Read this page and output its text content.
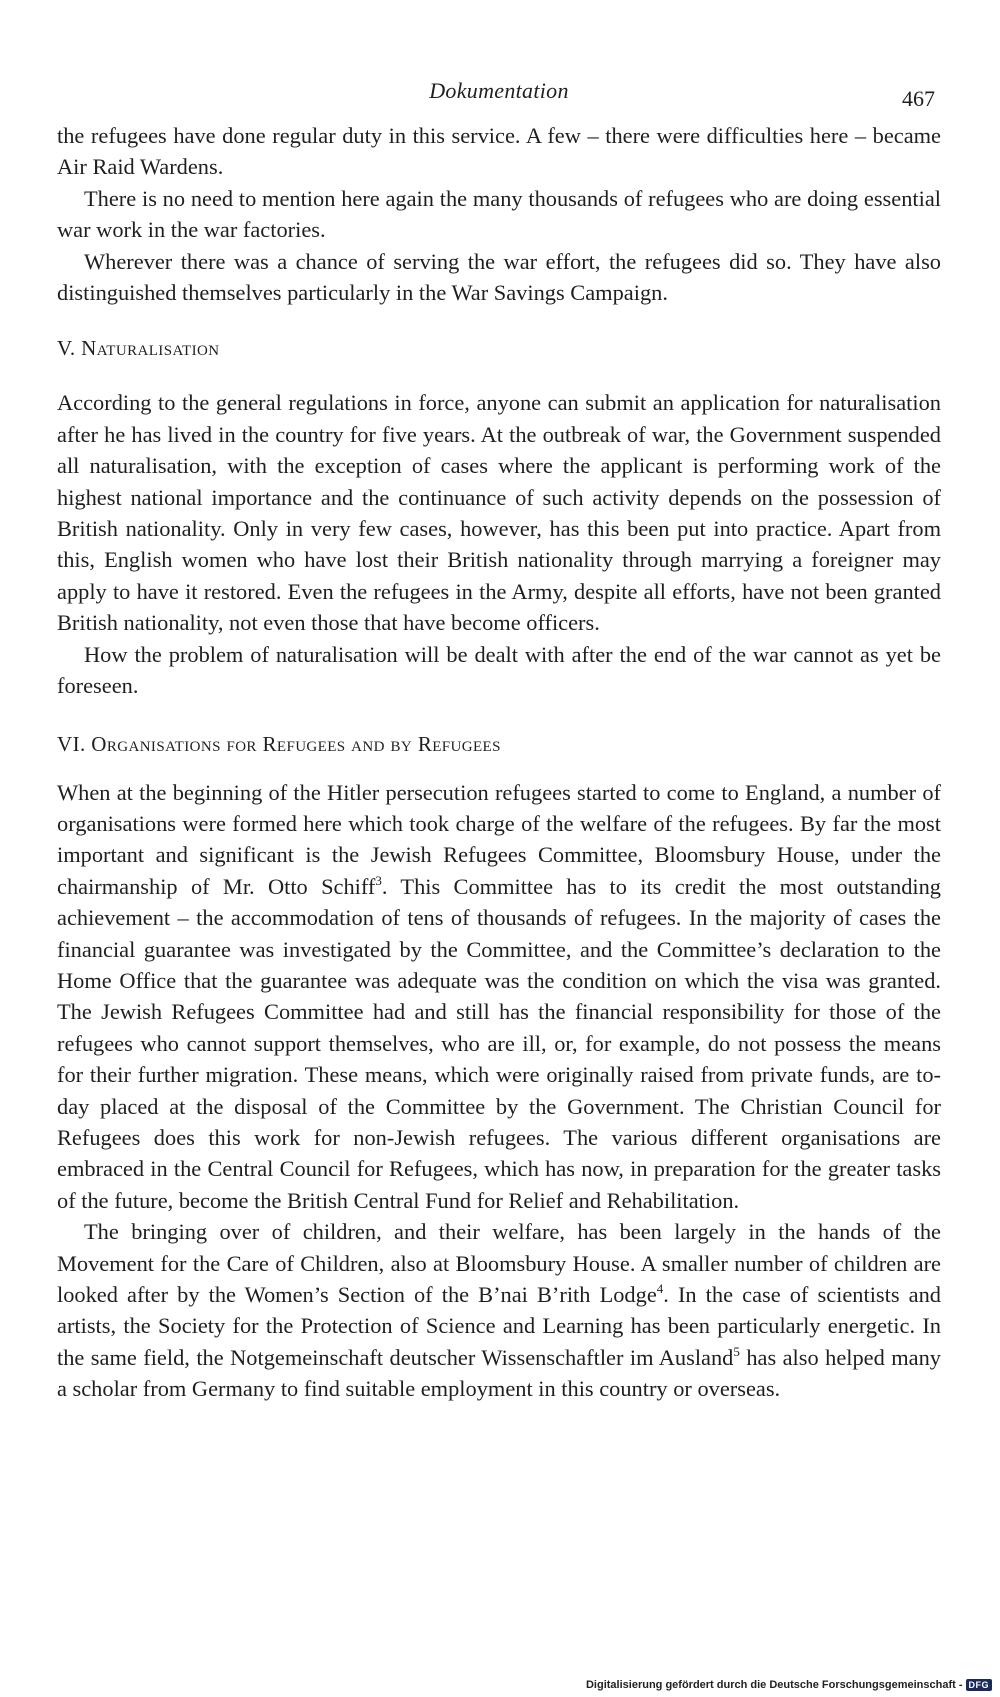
Dokumentation	467

the refugees have done regular duty in this service. A few – there were difficulties here – became Air Raid Wardens.

There is no need to mention here again the many thousands of refugees who are doing essential war work in the war factories.

Wherever there was a chance of serving the war effort, the refugees did so. They have also distinguished themselves particularly in the War Savings Campaign.

V. Naturalisation

According to the general regulations in force, anyone can submit an application for naturalisation after he has lived in the country for five years. At the outbreak of war, the Government suspended all naturalisation, with the exception of cases where the applicant is performing work of the highest national importance and the continuance of such activity depends on the possession of British nationality. Only in very few cases, however, has this been put into practice. Apart from this, English women who have lost their British nationality through marrying a foreigner may apply to have it restored. Even the refugees in the Army, despite all efforts, have not been granted British nationality, not even those that have become officers.

How the problem of naturalisation will be dealt with after the end of the war cannot as yet be foreseen.

VI. Organisations for Refugees and by Refugees

When at the beginning of the Hitler persecution refugees started to come to England, a number of organisations were formed here which took charge of the welfare of the refugees. By far the most important and significant is the Jewish Refugees Committee, Bloomsbury House, under the chairmanship of Mr. Otto Schiff$^3$. This Committee has to its credit the most outstanding achievement – the accommodation of tens of thousands of refugees. In the majority of cases the financial guarantee was investigated by the Committee, and the Committee’s declaration to the Home Office that the guarantee was adequate was the condition on which the visa was granted. The Jewish Refugees Committee had and still has the financial responsibility for those of the refugees who cannot support themselves, who are ill, or, for example, do not possess the means for their further migration. These means, which were originally raised from private funds, are to-day placed at the disposal of the Committee by the Government. The Christian Council for Refugees does this work for non-Jewish refugees. The various different organisations are embraced in the Central Council for Refugees, which has now, in preparation for the greater tasks of the future, become the British Central Fund for Relief and Rehabilitation.

The bringing over of children, and their welfare, has been largely in the hands of the Movement for the Care of Children, also at Bloomsbury House. A smaller number of children are looked after by the Women’s Section of the B’nai B’rith Lodge$^4$. In the case of scientists and artists, the Society for the Protection of Science and Learning has been particularly energetic. In the same field, the Notgemeinschaft deutscher Wissenschaftler im Ausland$^5$ has also helped many a scholar from Germany to find suitable employment in this country or overseas.

Digitalisierung gefördert durch die Deutsche Forschungsgemeinschaft - DFG
